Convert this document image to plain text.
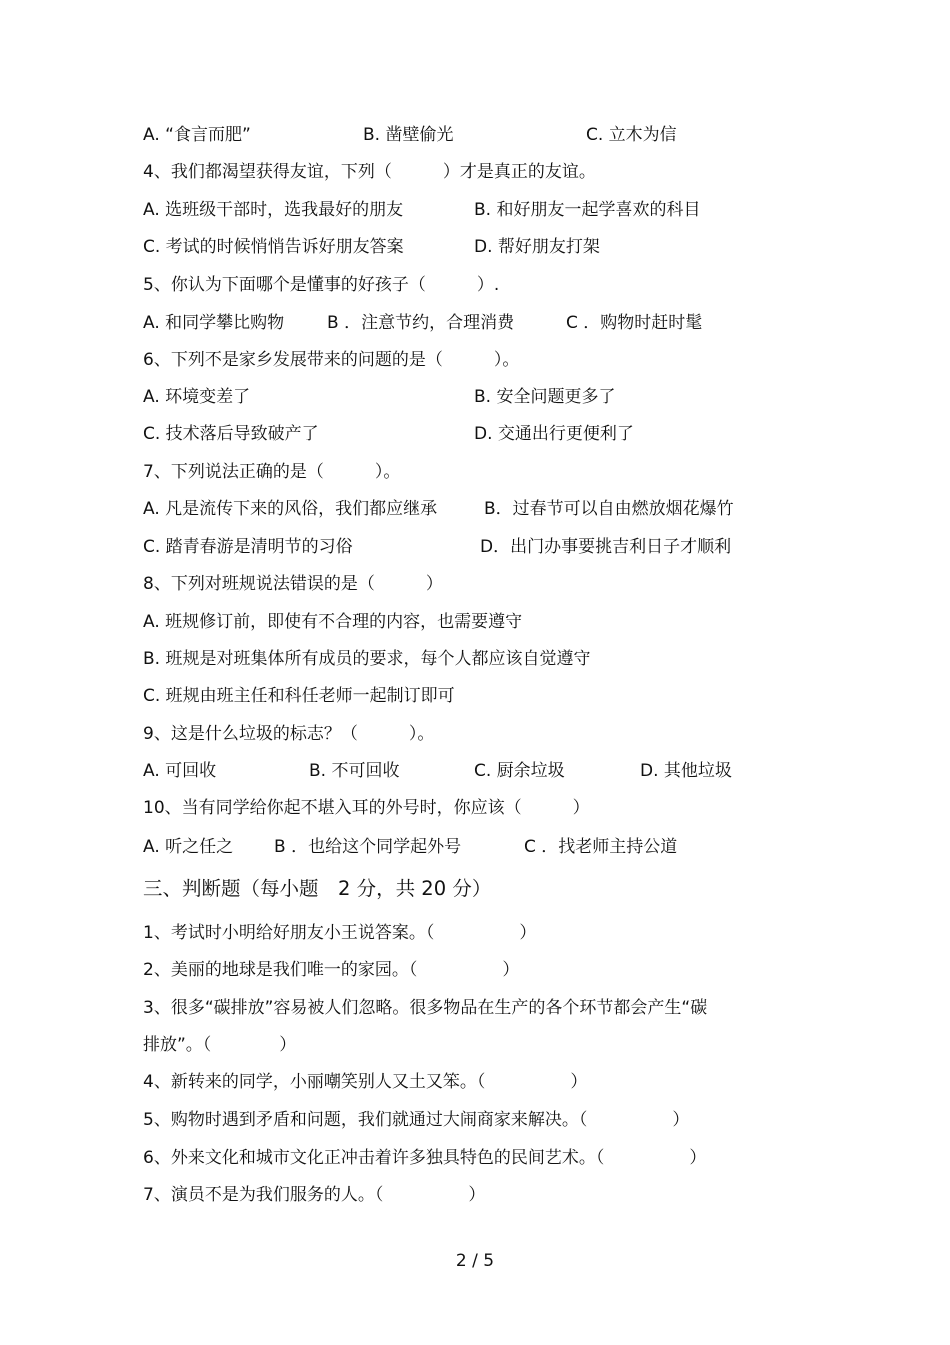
A. “食言而肥”	B. 凿壁偷光	C. 立木为信
4、我们都渴望获得友谊，下列（　　　）才是真正的友谊。
A. 选班级干部时，选我最好的朋友	B. 和好朋友一起学喜欢的科目
C. 考试的时候悄悄告诉好朋友答案	D. 帮好朋友打架
5、你认为下面哪个是懂事的好孩子（　　　）.
A. 和同学攀比购物	B ．注意节约，合理消费	C ．购物时赶时髦
6、下列不是家乡发展带来的问题的是（　　　）。
A. 环境变差了	B. 安全问题更多了
C. 技术落后导致破产了	D. 交通出行更便利了
7、下列说法正确的是（　　　）。
A. 凡是流传下来的风俗，我们都应继承	B．过春节可以自由燃放烟花爆竹
C. 踏青春游是清明节的习俗	D．出门办事要挑吉利日子才顺利
8、下列对班规说法错误的是（　　　）
A. 班规修订前，即使有不合理的内容，也需要遵守
B. 班规是对班集体所有成员的要求，每个人都应该自觉遵守
C. 班规由班主任和科任老师一起制订即可
9、这是什么垃圾的标志？（　　　）。
A. 可回收	B. 不可回收	C. 厨余垃圾	D. 其他垃圾
10、当有同学给你起不堪入耳的外号时，你应该（　　　）
A. 听之任之 B ．也给这个同学起外号	C ．找老师主持公道
三、判断题（每小题　2 分，共 20 分）
1、考试时小明给好朋友小王说答案。（　　　　　）
2、美丽的地球是我们唯一的家园。（　　　　　）
3、很多“碳排放”容易被人们忽略。很多物品在生产的各个环节都会产生“碳
排放”。（　　　　）
4、新转来的同学，小丽嘲笑别人又土又笨。（　　　　　）
5、购物时遇到矛盾和问题，我们就通过大闹商家来解决。（　　　　　）
6、外来文化和城市文化正冲击着许多独具特色的民间艺术。（　　　　　）
7、演员不是为我们服务的人。（　　　　　）
2 / 5
